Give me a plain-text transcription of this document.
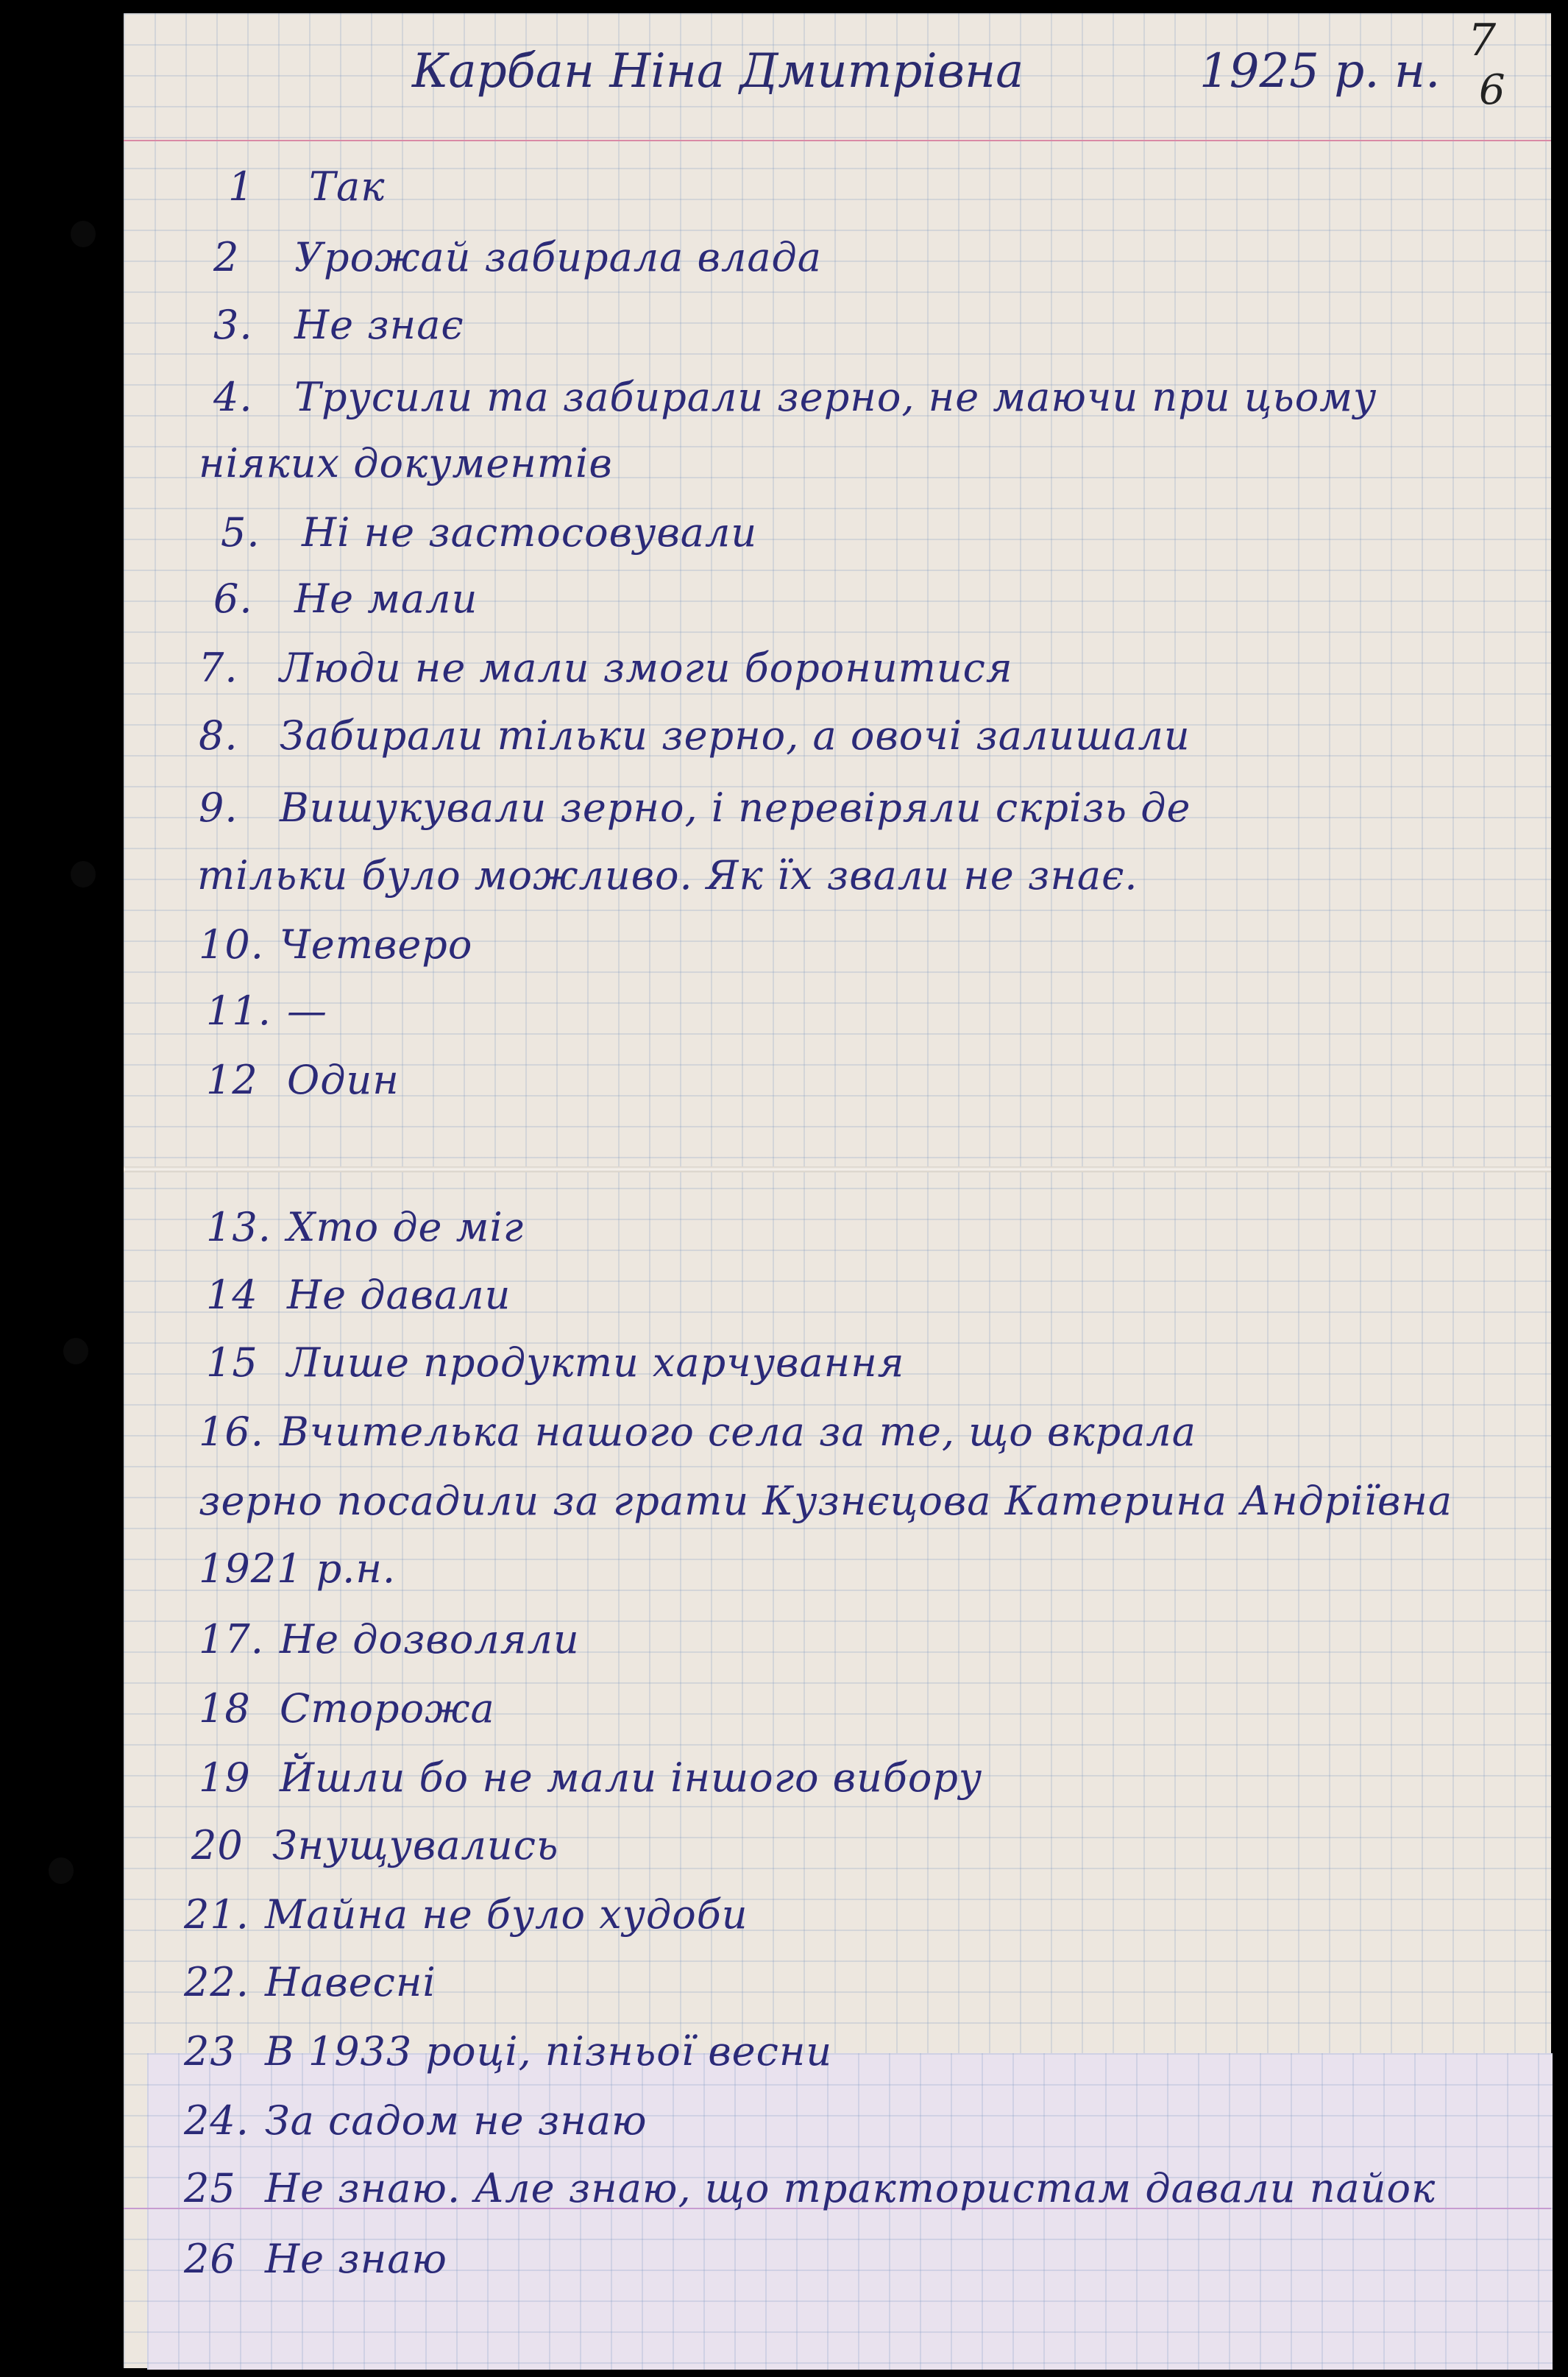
Карбан Ніна Дмитрівна	1925 р. н.
7
6
1 Так
2 Урожай забирала влада
3. Не знає
4. Трусили та забирали зерно, не маючи при цьому
ніяких документів
5. Ні не застосовували
6. Не мали
7. Люди не мали змоги боронитися
8. Забирали тільки зерно, а овочі залишали
9. Вишукували зерно, і перевіряли скрізь де
тільки було можливо. Як їх звали не знає.
10. Четверо
11. —
12 Один
13. Хто де міг
14 Не давали
15 Лише продукти харчування
16. Вчителька нашого села за те, що вкрала
зерно посадили за грати Кузнєцова Катерина Андріївна
1921 р.н.
17. Не дозволяли
18 Сторожа
19 Йшли бо не мали іншого вибору
20 Знущувались
21. Майна не було худоби
22. Навесні
23 В 1933 році, пізньої весни
24. За садом не знаю
25 Не знаю. Але знаю, що трактористам давали пайок
26 Не знаю
